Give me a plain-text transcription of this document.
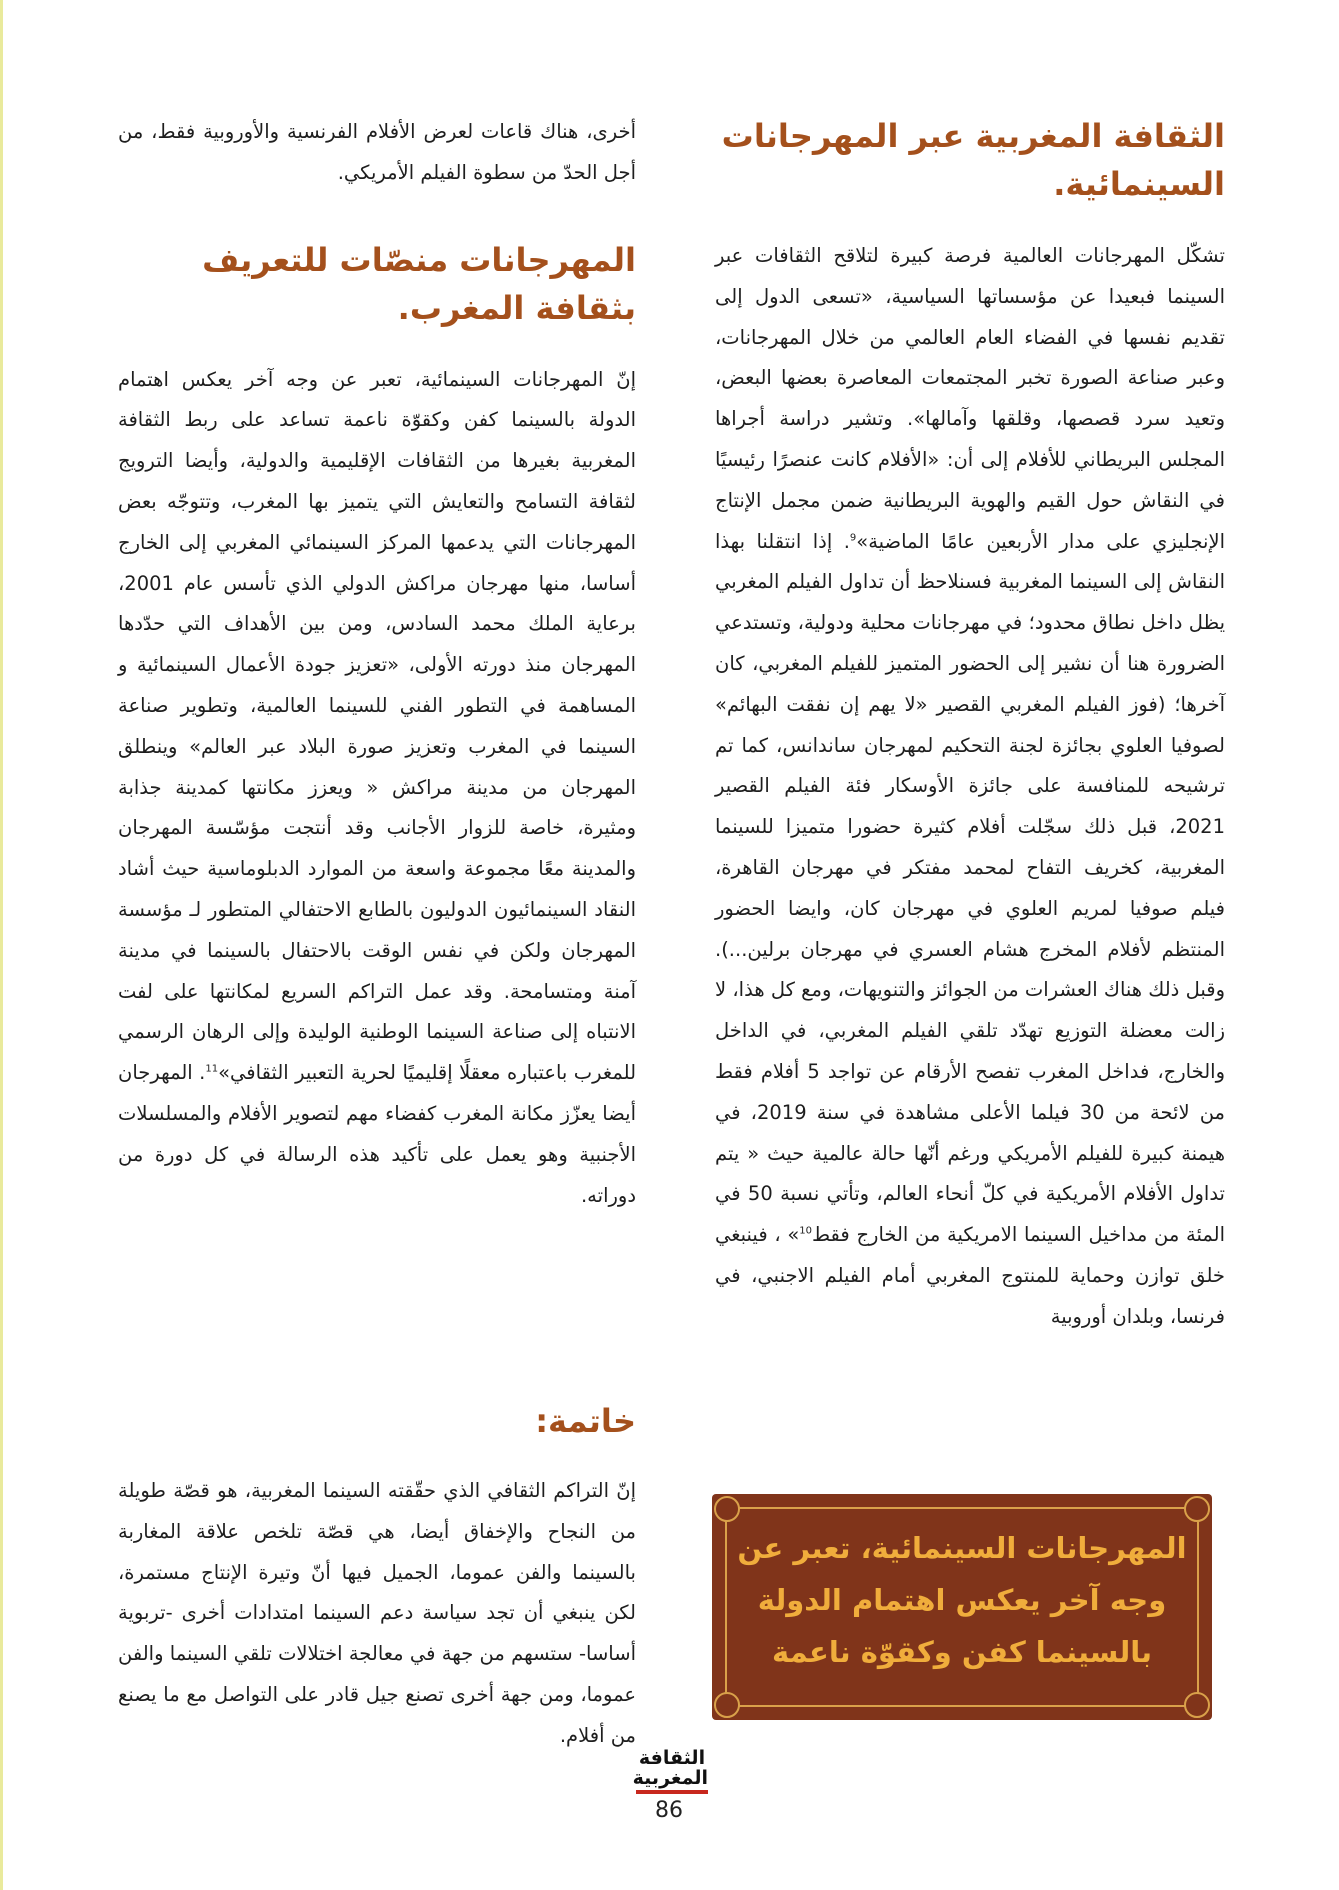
الثقافة المغربية عبر المهرجانات السينمائية.

تشكّل المهرجانات العالمية فرصة كبيرة لتلاقح الثقافات عبر السينما فبعيدا عن مؤسساتها السياسية، «تسعى الدول إلى تقديم نفسها في الفضاء العام العالمي من خلال المهرجانات، وعبر صناعة الصورة تخبر المجتمعات المعاصرة بعضها البعض، وتعيد سرد قصصها، وقلقها وآمالها». وتشير دراسة أجراها المجلس البريطاني للأفلام إلى أن: «الأفلام كانت عنصرًا رئيسيًا في النقاش حول القيم والهوية البريطانية ضمن مجمل الإنتاج الإنجليزي على مدار الأربعين عامًا الماضية»$^9$. إذا انتقلنا بهذا النقاش إلى السينما المغربية فسنلاحظ أن تداول الفيلم المغربي يظل داخل نطاق محدود؛ في مهرجانات محلية ودولية، وتستدعي الضرورة هنا أن نشير إلى الحضور المتميز للفيلم المغربي، كان آخرها؛ (فوز الفيلم المغربي القصير «لا يهم إن نفقت البهائم» لصوفيا العلوي بجائزة لجنة التحكيم لمهرجان ساندانس، كما تم ترشيحه للمنافسة على جائزة الأوسكار فئة الفيلم القصير 2021، قبل ذلك سجّلت أفلام كثيرة حضورا متميزا للسينما المغربية، كخريف التفاح لمحمد مفتكر في مهرجان القاهرة، فيلم صوفيا لمريم العلوي في مهرجان كان، وايضا الحضور المنتظم لأفلام المخرج هشام العسري في مهرجان برلين...). وقبل ذلك هناك العشرات من الجوائز والتنويهات، ومع كل هذا، لا زالت معضلة التوزيع تهدّد تلقي الفيلم المغربي، في الداخل والخارج، فداخل المغرب تفصح الأرقام عن تواجد 5 أفلام فقط من لائحة من 30 فيلما الأعلى مشاهدة في سنة 2019، في هيمنة كبيرة للفيلم الأمريكي ورغم أنّها حالة عالمية حيث « يتم تداول الأفلام الأمريكية في كلّ أنحاء العالم، وتأتي نسبة 50 في المئة من مداخيل السينما الامريكية من الخارج فقط$^{10}$» ، فينبغي خلق توازن وحماية للمنتوج المغربي أمام الفيلم الاجنبي، في فرنسا، وبلدان أوروبية

أخرى، هناك قاعات لعرض الأفلام الفرنسية والأوروبية فقط، من أجل الحدّ من سطوة الفيلم الأمريكي.

المهرجانات منصّات للتعريف بثقافة المغرب.

إنّ المهرجانات السينمائية، تعبر عن وجه آخر يعكس اهتمام الدولة بالسينما كفن وكقوّة ناعمة تساعد على ربط الثقافة المغربية بغيرها من الثقافات الإقليمية والدولية، وأيضا الترويج لثقافة التسامح والتعايش التي يتميز بها المغرب، وتتوجّه بعض المهرجانات التي يدعمها المركز السينمائي المغربي إلى الخارج أساسا، منها مهرجان مراكش الدولي الذي تأسس عام 2001، برعاية الملك محمد السادس، ومن بين الأهداف التي حدّدها المهرجان منذ دورته الأولى، «تعزيز جودة الأعمال السينمائية و المساهمة في التطور الفني للسينما العالمية، وتطوير صناعة السينما في المغرب وتعزيز صورة البلاد عبر العالم» وينطلق المهرجان من مدينة مراكش « ويعزز مكانتها كمدينة جذابة ومثيرة، خاصة للزوار الأجانب وقد أنتجت مؤسّسة المهرجان والمدينة معًا مجموعة واسعة من الموارد الدبلوماسية حيث أشاد النقاد السينمائيون الدوليون بالطابع الاحتفالي المتطور لـ مؤسسة المهرجان ولكن في نفس الوقت بالاحتفال بالسينما في مدينة آمنة ومتسامحة. وقد عمل التراكم السريع لمكانتها على لفت الانتباه إلى صناعة السينما الوطنية الوليدة وإلى الرهان الرسمي للمغرب باعتباره معقلًا إقليميًا لحرية التعبير الثقافي»$^{11}$. المهرجان أيضا يعزّز مكانة المغرب كفضاء مهم لتصوير الأفلام والمسلسلات الأجنبية وهو يعمل على تأكيد هذه الرسالة في كل دورة من دوراته.

خاتمة:

إنّ التراكم الثقافي الذي حقّقته السينما المغربية، هو قصّة طويلة من النجاح والإخفاق أيضا، هي قصّة تلخص علاقة المغاربة بالسينما والفن عموما، الجميل فيها أنّ وتيرة الإنتاج مستمرة، لكن ينبغي أن تجد سياسة دعم السينما امتدادات أخرى -تربوية أساسا- ستسهم من جهة في معالجة اختلالات تلقي السينما والفن عموما، ومن جهة أخرى تصنع جيل قادر على التواصل مع ما يصنع من أفلام.

المهرجانات السينمائية، تعبر عن وجه آخر يعكس اهتمام الدولة بالسينما كفن وكقوّة ناعمة
الثقافة
المغربية
86
